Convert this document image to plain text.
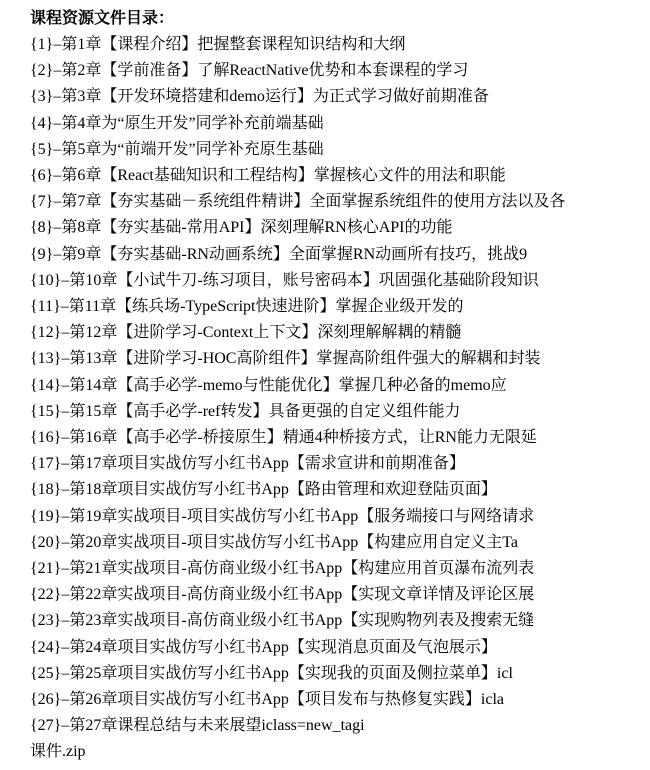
课程资源文件目录：
{1}–第1章【课程介绍】把握整套课程知识结构和大纲
{2}–第2章【学前准备】了解ReactNative优势和本套课程的学习
{3}–第3章【开发环境搭建和demo运行】为正式学习做好前期准备
{4}–第4章为“原生开发”同学补充前端基础
{5}–第5章为“前端开发”同学补充原生基础
{6}–第6章【React基础知识和工程结构】掌握核心文件的用法和职能
{7}–第7章【夯实基础－系统组件精讲】全面掌握系统组件的使用方法以及各
{8}–第8章【夯实基础-常用API】深刻理解RN核心API的功能
{9}–第9章【夯实基础-RN动画系统】全面掌握RN动画所有技巧，挑战9
{10}–第10章【小试牛刀-练习项目，账号密码本】巩固强化基础阶段知识
{11}–第11章【练兵场-TypeScript快速进阶】掌握企业级开发的
{12}–第12章【进阶学习-Context上下文】深刻理解解耦的精髓
{13}–第13章【进阶学习-HOC高阶组件】掌握高阶组件强大的解耦和封装
{14}–第14章【高手必学-memo与性能优化】掌握几种必备的memo应
{15}–第15章【高手必学-ref转发】具备更强的自定义组件能力
{16}–第16章【高手必学-桥接原生】精通4种桥接方式，让RN能力无限延
{17}–第17章项目实战仿写小红书App【需求宣讲和前期准备】
{18}–第18章项目实战仿写小红书App【路由管理和欢迎登陆页面】
{19}–第19章实战项目-项目实战仿写小红书App【服务端接口与网络请求
{20}–第20章实战项目-项目实战仿写小红书App【构建应用自定义主Ta
{21}–第21章实战项目-高仿商业级小红书App【构建应用首页瀑布流列表
{22}–第22章实战项目-高仿商业级小红书App【实现文章详情及评论区展
{23}–第23章实战项目-高仿商业级小红书App【实现购物列表及搜索无缝
{24}–第24章项目实战仿写小红书App【实现消息页面及气泡展示】
{25}–第25章项目实战仿写小红书App【实现我的页面及侧拉菜单】icl
{26}–第26章项目实战仿写小红书App【项目发布与热修复实践】icla
{27}–第27章课程总结与未来展望iclass=new_tagi
课件.zip
